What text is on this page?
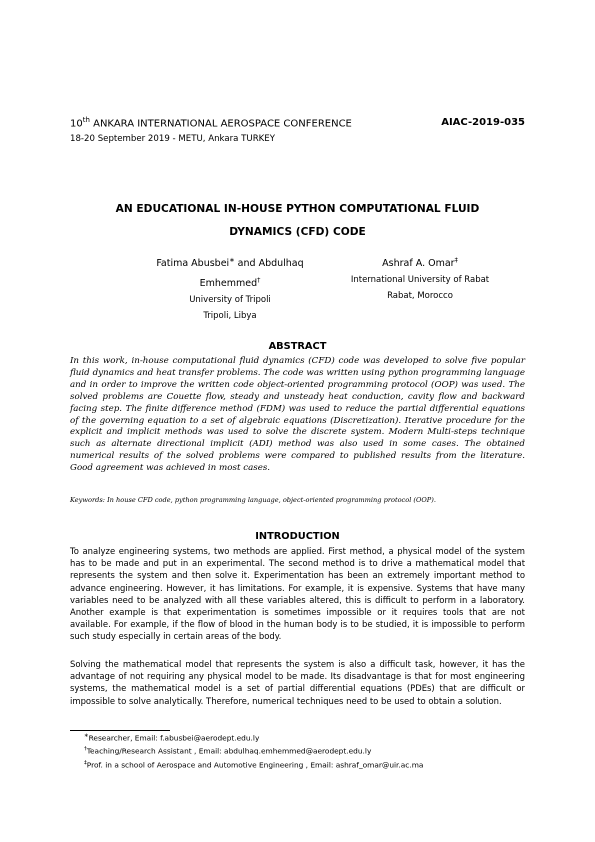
10th ANKARA INTERNATIONAL AEROSPACE CONFERENCE
18-20 September 2019 - METU, Ankara TURKEY
AIAC-2019-035
AN EDUCATIONAL IN-HOUSE PYTHON COMPUTATIONAL FLUID
DYNAMICS (CFD) CODE
Fatima Abusbei∗ and Abdulhaq Emhemmed†
University of Tripoli
Tripoli, Libya
Ashraf A. Omar‡
International University of Rabat
Rabat, Morocco
ABSTRACT
In this work, in-house computational fluid dynamics (CFD) code was developed to solve five popular fluid dynamics and heat transfer problems. The code was written using python programming language and in order to improve the written code object-oriented programming protocol (OOP) was used. The solved problems are Couette flow, steady and unsteady heat conduction, cavity flow and backward facing step. The finite difference method (FDM) was used to reduce the partial differential equations of the governing equation to a set of algebraic equations (Discretization). Iterative procedure for the explicit and implicit methods was used to solve the discrete system. Modern Multi-steps technique such as alternate directional implicit (ADI) method was also used in some cases. The obtained numerical results of the solved problems were compared to published results from the literature. Good agreement was achieved in most cases.
Keywords: In house CFD code, python programming language, object-oriented programming protocol (OOP).
INTRODUCTION
To analyze engineering systems, two methods are applied. First method, a physical model of the system has to be made and put in an experimental. The second method is to drive a mathematical model that represents the system and then solve it. Experimentation has been an extremely important method to advance engineering. However, it has limitations. For example, it is expensive. Systems that have many variables need to be analyzed with all these variables altered, this is difficult to perform in a laboratory. Another example is that experimentation is sometimes impossible or it requires tools that are not available. For example, if the flow of blood in the human body is to be studied, it is impossible to perform such study especially in certain areas of the body.
Solving the mathematical model that represents the system is also a difficult task, however, it has the advantage of not requiring any physical model to be made. Its disadvantage is that for most engineering systems, the mathematical model is a set of partial differential equations (PDEs) that are difficult or impossible to solve analytically. Therefore, numerical techniques need to be used to obtain a solution.
∗Researcher, Email: f.abusbei@aerodept.edu.ly
†Teaching/Research Assistant , Email: abdulhaq.emhemmed@aerodept.edu.ly
‡Prof. in a school of Aerospace and Automotive Engineering , Email: ashraf_omar@uir.ac.ma
